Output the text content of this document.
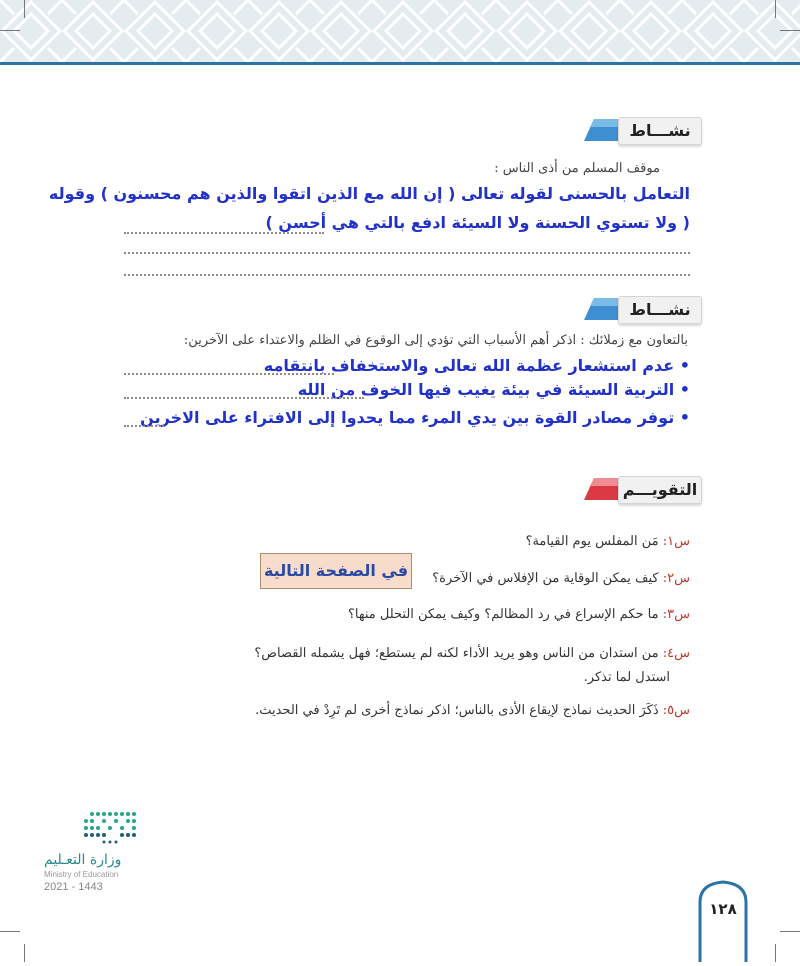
نشـــاط
موقف المسلم من أذى الناس :
التعامل بالحسنى لقوله تعالى ( إن الله مع الذين اتقوا والذين هم محسنون ) وقوله
( ولا تستوي الحسنة ولا السيئة ادفع بالتي هي أحسن )
نشـــاط
بالتعاون مع زملائك : اذكر أهم الأسباب التي تؤدي إلى الوقوع في الظلم والاعتداء على الآخرين:
• عدم استشعار عظمة الله تعالى والاستخفاف بانتقامه
• التربية السيئة في بيئة يغيب فيها الخوف من الله
• توفر مصادر القوة بين يدي المرء مما يحدوا إلى الافتراء على الاخرين
التقويـــم
س١: مَن المفلس يوم القيامة؟
في الصفحة التالية	س٢: كيف يمكن الوقاية من الإفلاس في الآخرة؟
س٣: ما حكم الإسراع في رد المظالم؟ وكيف يمكن التحلل منها؟
س٤: من استدان من الناس وهو يريد الأداء لكنه لم يستطع؛ فهل يشمله القصاص؟
استدل لما تذكر.
س٥: ذَكَرَ الحديث نماذج لإيقاع الأذى بالناس؛ اذكر نماذج أخرى لم تَرِدْ في الحديث.
وزارة التعـليم
Ministry of Education
2021 - 1443
١٢٨
